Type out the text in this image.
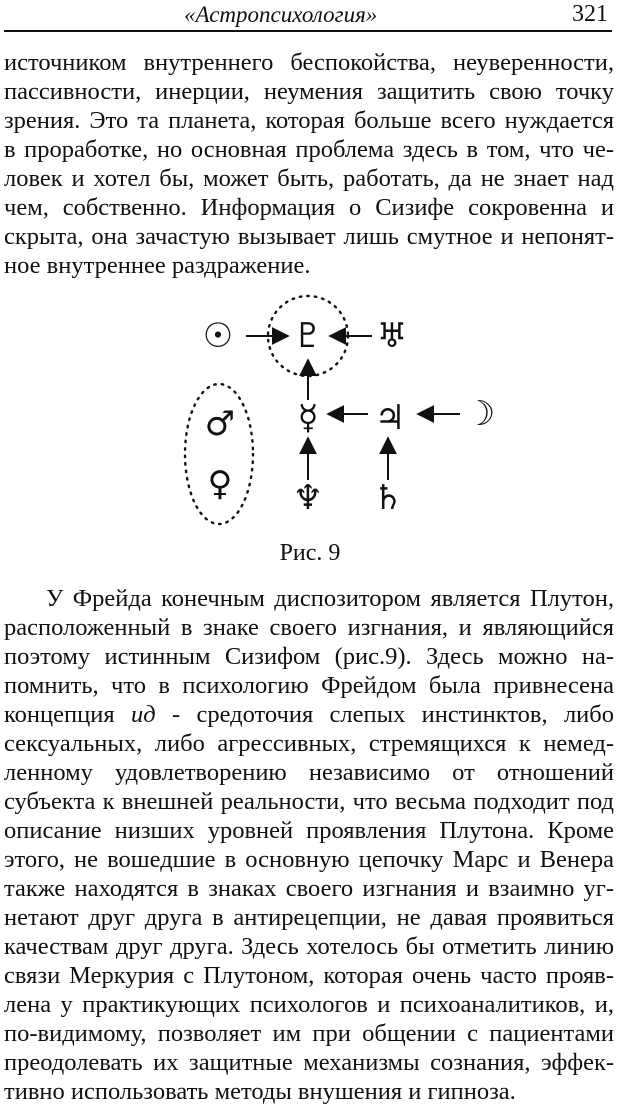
«Астропсихология»	321
источником внутреннего беспокойства, неуверенности,
пассивности, инерции, неумения защитить свою точку
зрения. Это та планета, которая больше всего нуждается
в проработке, но основная проблема здесь в том, что че-
ловек и хотел бы, может быть, работать, да не знает над
чем, собственно. Информация о Сизифе сокровенна и
скрыта, она зачастую вызывает лишь смутное и непонят-
ное внутреннее раздражение.
☉ ♇ ♅
♂ ☿ ♃ ☽
♀ ♆ ♄
Рис. 9
У Фрейда конечным диспозитором является Плутон,
расположенный в знаке своего изгнания, и являющийся
поэтому истинным Сизифом (рис.9). Здесь можно на-
помнить, что в психологию Фрейдом была привнесена
концепция ид - средоточия слепых инстинктов, либо
сексуальных, либо агрессивных, стремящихся к немед-
ленному удовлетворению независимо от отношений
субъекта к внешней реальности, что весьма подходит под
описание низших уровней проявления Плутона. Кроме
этого, не вошедшие в основную цепочку Марс и Венера
также находятся в знаках своего изгнания и взаимно уг-
нетают друг друга в антирецепции, не давая проявиться
качествам друг друга. Здесь хотелось бы отметить линию
связи Меркурия с Плутоном, которая очень часто прояв-
лена у практикующих психологов и психоаналитиков, и,
по-видимому, позволяет им при общении с пациентами
преодолевать их защитные механизмы сознания, эффек-
тивно использовать методы внушения и гипноза.
